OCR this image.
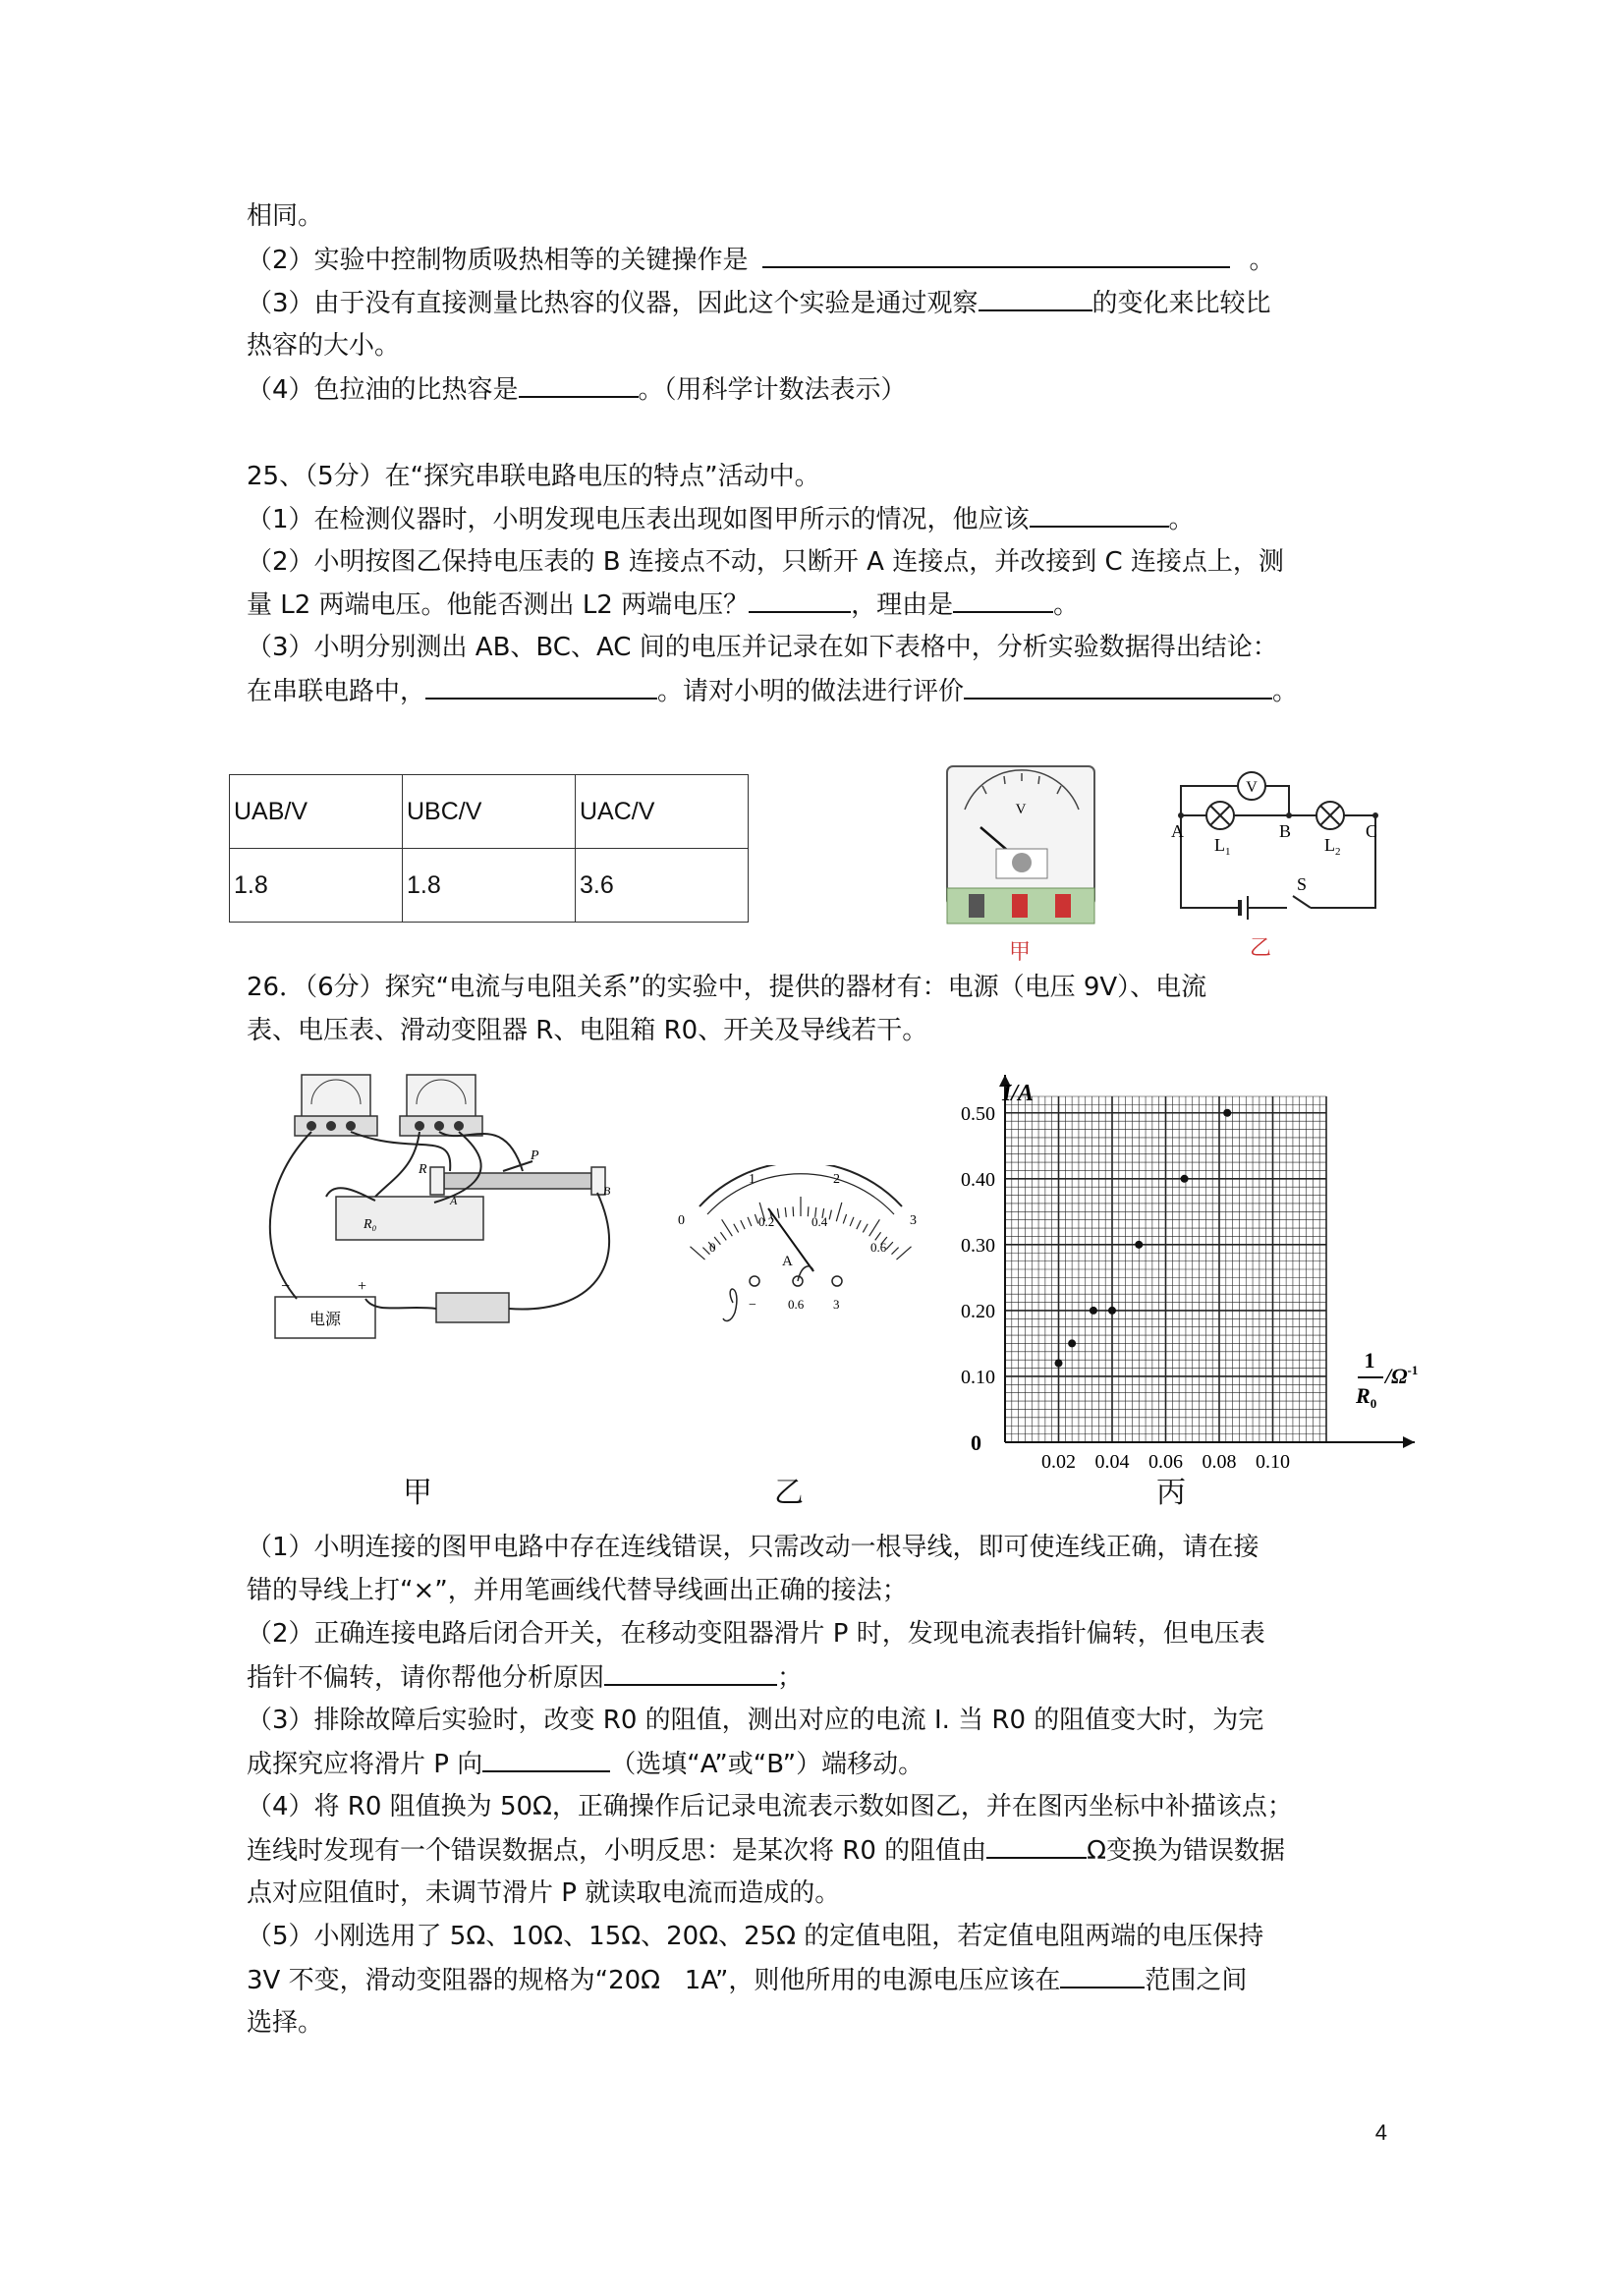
相同。
（2）实验中控制物质吸热相等的关键操作是	。
（3）由于没有直接测量比热容的仪器，因此这个实验是通过观察	的变化来比较比
热容的大小。
（4）色拉油的比热容是	。（用科学计数法表示）
25、（5分）在“探究串联电路电压的特点”活动中。
（1）在检测仪器时，小明发现电压表出现如图甲所示的情况，他应该	。
（2）小明按图乙保持电压表的 B 连接点不动，只断开 A 连接点，并改接到 C 连接点上，测
量 L2 两端电压。他能否测出 L2 两端电压？	，理由是	。
（3）小明分别测出 AB、BC、AC 间的电压并记录在如下表格中，分析实验数据得出结论：
在串联电路中，	。请对小明的做法进行评价	。
UAB/V	UBC/V	UAC/V
1.8	1.8	3.6
V
甲
V
A	B	C
$L_1$	$L_2$
S
乙
26．（6分）探究“电流与电阻关系”的实验中，提供的器材有：电源（电压 9V）、电流
表、电压表、滑动变阻器 R、电阻箱 R0、开关及导线若干。
−	+
电源
R₀
P
R
A
B
0
1	2
3
0
0.2	0.4
0.6
A
− 0.6 3
0.02 0.04 0.06 0.08 0.10
0.10
0.20
0.30
0.40
0.50
I/A
0
1
$R_0$
$/\Omega^{-1}$
甲	乙	丙
（1）小明连接的图甲电路中存在连线错误，只需改动一根导线，即可使连线正确，请在接
错的导线上打“×”，并用笔画线代替导线画出正确的接法；
（2）正确连接电路后闭合开关，在移动变阻器滑片 P 时，发现电流表指针偏转，但电压表
指针不偏转，请你帮他分析原因	；
（3）排除故障后实验时，改变 R0 的阻值，测出对应的电流 I. 当 R0 的阻值变大时，为完
成探究应将滑片 P 向	（选填“A”或“B”）端移动。
（4）将 R0 阻值换为 50Ω，正确操作后记录电流表示数如图乙，并在图丙坐标中补描该点；
连线时发现有一个错误数据点，小明反思：是某次将 R0 的阻值由	Ω变换为错误数据
点对应阻值时，未调节滑片 P 就读取电流而造成的。
（5）小刚选用了 5Ω、10Ω、15Ω、20Ω、25Ω 的定值电阻，若定值电阻两端的电压保持
3V 不变，滑动变阻器的规格为“20Ω   1A”，则他所用的电源电压应该在	范围之间
选择。
4
